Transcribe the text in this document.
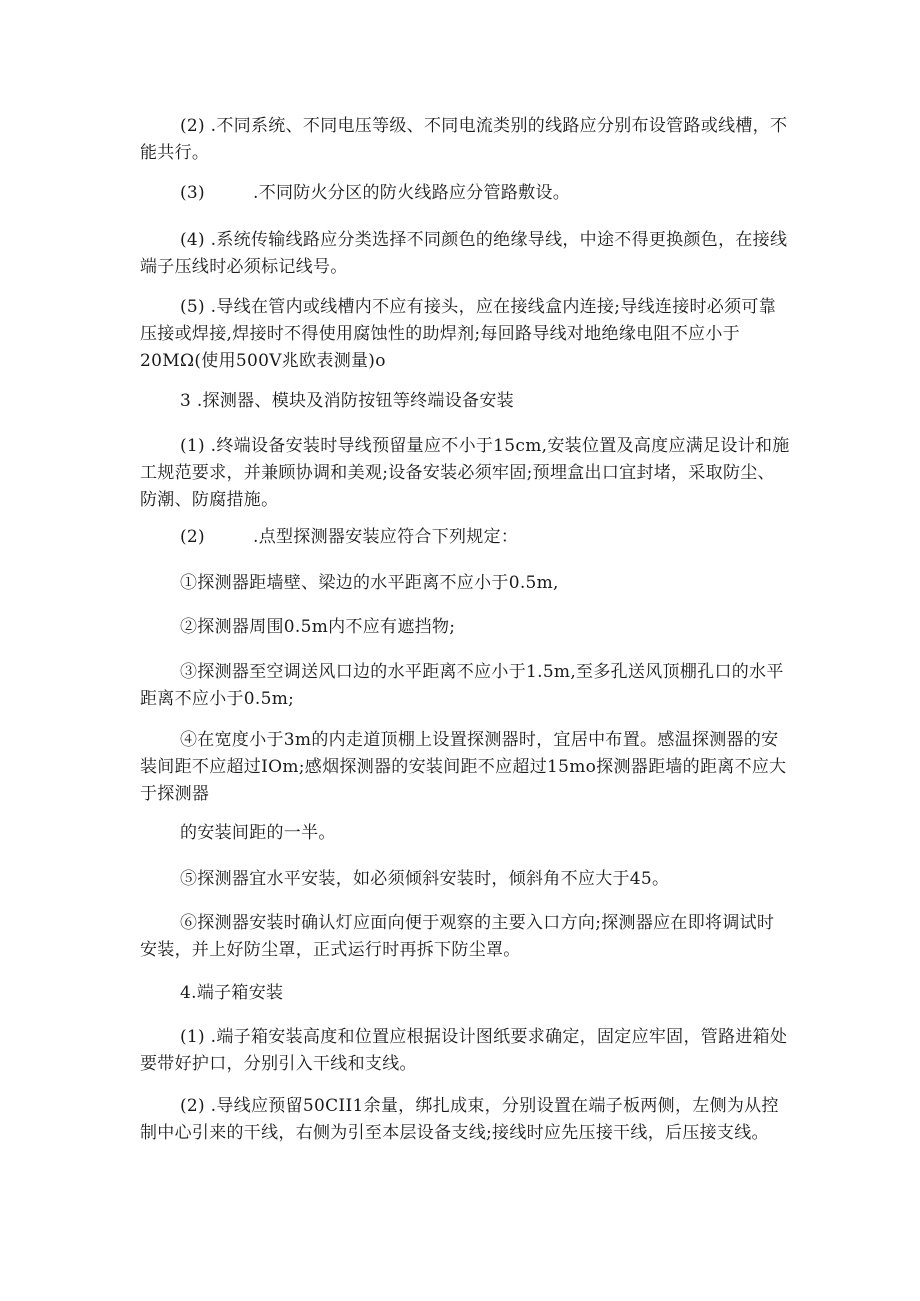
(2) .不同系统、不同电压等级、不同电流类别的线路应分别布设管路或线槽，不能共行。

(3)	.不同防火分区的防火线路应分管路敷设。

(4) .系统传输线路应分类选择不同颜色的绝缘导线，中途不得更换颜色，在接线端子压线时必须标记线号。

(5) .导线在管内或线槽内不应有接头，应在接线盒内连接;导线连接时必须可靠压接或焊接,焊接时不得使用腐蚀性的助焊剂;每回路导线对地绝缘电阻不应小于20MΩ(使用500V兆欧表测量)o

3 .探测器、模块及消防按钮等终端设备安装

(1) .终端设备安装时导线预留量应不小于15cm,安装位置及高度应满足设计和施工规范要求，并兼顾协调和美观;设备安装必须牢固;预埋盒出口宜封堵，采取防尘、防潮、防腐措施。

(2)	.点型探测器安装应符合下列规定：

①探测器距墙壁、梁边的水平距离不应小于0.5m,

②探测器周围0.5m内不应有遮挡物;

③探测器至空调送风口边的水平距离不应小于1.5m,至多孔送风顶棚孔口的水平距离不应小于0.5m;

④在宽度小于3m的内走道顶棚上设置探测器时，宜居中布置。感温探测器的安装间距不应超过IOm;感烟探测器的安装间距不应超过15mo探测器距墙的距离不应大于探测器

的安装间距的一半。

⑤探测器宜水平安装，如必须倾斜安装时，倾斜角不应大于45。

⑥探测器安装时确认灯应面向便于观察的主要入口方向;探测器应在即将调试时安装，并上好防尘罩，正式运行时再拆下防尘罩。

4.端子箱安装

(1) .端子箱安装高度和位置应根据设计图纸要求确定，固定应牢固，管路进箱处要带好护口，分别引入干线和支线。

(2) .导线应预留50CII1余量，绑扎成束，分别设置在端子板两侧，左侧为从控制中心引来的干线，右侧为引至本层设备支线;接线时应先压接干线，后压接支线。
